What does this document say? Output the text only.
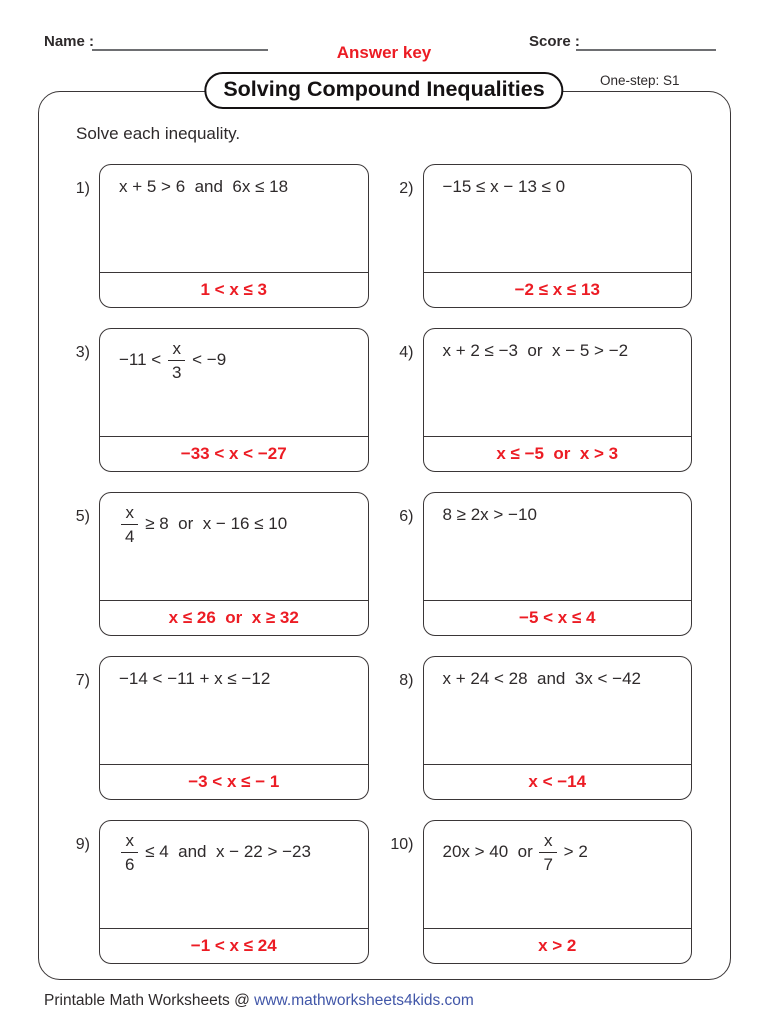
Name :
Answer key
Score :
Solving Compound Inequalities	One-step: S1
Solve each inequality.
1)	x + 5 > 6  and  6x ≤ 18
1 < x ≤ 3
2)	−15 ≤ x − 13 ≤ 0
−2 ≤ x ≤ 13
3)	$-11 < \frac{x}{3} < -9$
−33 < x < −27
4)	x + 2 ≤ −3  or  x − 5 > −2
x ≤ −5  or  x > 3
5)	$\frac{x}{4} \ge 8$  or  x − 16 ≤ 10
x ≤ 26  or  x ≥ 32
6)	8 ≥ 2x > −10
−5 < x ≤ 4
7)	−14 < −11 + x ≤ −12
−3 < x ≤ − 1
8)	x + 24 < 28  and  3x < −42
x < −14
9)	$\frac{x}{6} \le 4$  and  x − 22 > −23
−1 < x ≤ 24
10)	20x > 40  or $\frac{x}{7} > 2$
x > 2
Printable Math Worksheets @ www.mathworksheets4kids.com
